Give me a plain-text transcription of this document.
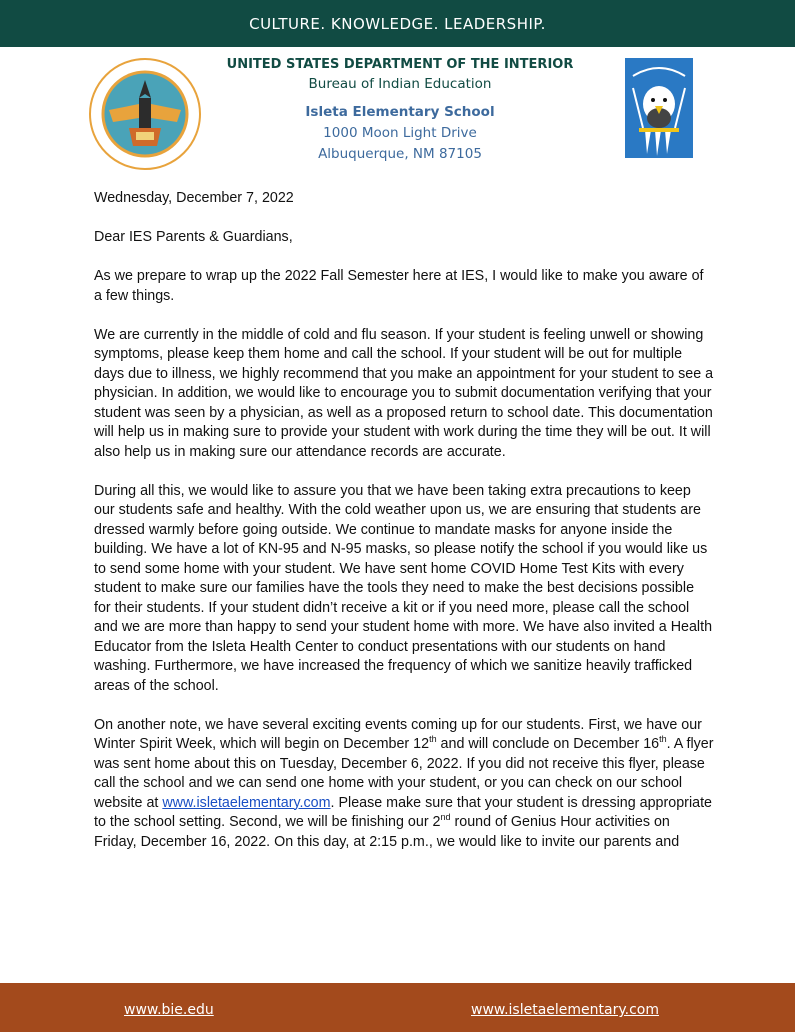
CULTURE. KNOWLEDGE. LEADERSHIP.
UNITED STATES DEPARTMENT OF THE INTERIOR
Bureau of Indian Education
Isleta Elementary School
1000 Moon Light Drive
Albuquerque, NM 87105

Wednesday, December 7, 2022

Dear IES Parents & Guardians,

As we prepare to wrap up the 2022 Fall Semester here at IES, I would like to make you aware of a few things.

We are currently in the middle of cold and flu season. If your student is feeling unwell or showing symptoms, please keep them home and call the school. If your student will be out for multiple days due to illness, we highly recommend that you make an appointment for your student to see a physician. In addition, we would like to encourage you to submit documentation verifying that your student was seen by a physician, as well as a proposed return to school date. This documentation will help us in making sure to provide your student with work during the time they will be out. It will also help us in making sure our attendance records are accurate.

During all this, we would like to assure you that we have been taking extra precautions to keep our students safe and healthy. With the cold weather upon us, we are ensuring that students are dressed warmly before going outside. We continue to mandate masks for anyone inside the building. We have a lot of KN-95 and N-95 masks, so please notify the school if you would like us to send some home with your student. We have sent home COVID Home Test Kits with every student to make sure our families have the tools they need to make the best decisions possible for their students. If your student didn’t receive a kit or if you need more, please call the school and we are more than happy to send your student home with more. We have also invited a Health Educator from the Isleta Health Center to conduct presentations with our students on hand washing. Furthermore, we have increased the frequency of which we sanitize heavily trafficked areas of the school.

On another note, we have several exciting events coming up for our students. First, we have our Winter Spirit Week, which will begin on December 12th and will conclude on December 16th. A flyer was sent home about this on Tuesday, December 6, 2022. If you did not receive this flyer, please call the school and we can send one home with your student, or you can check on our school website at www.isletaelementary.com. Please make sure that your student is dressing appropriate to the school setting. Second, we will be finishing our 2nd round of Genius Hour activities on Friday, December 16, 2022. On this day, at 2:15 p.m., we would like to invite our parents and

www.bie.edu	www.isletaelementary.com
